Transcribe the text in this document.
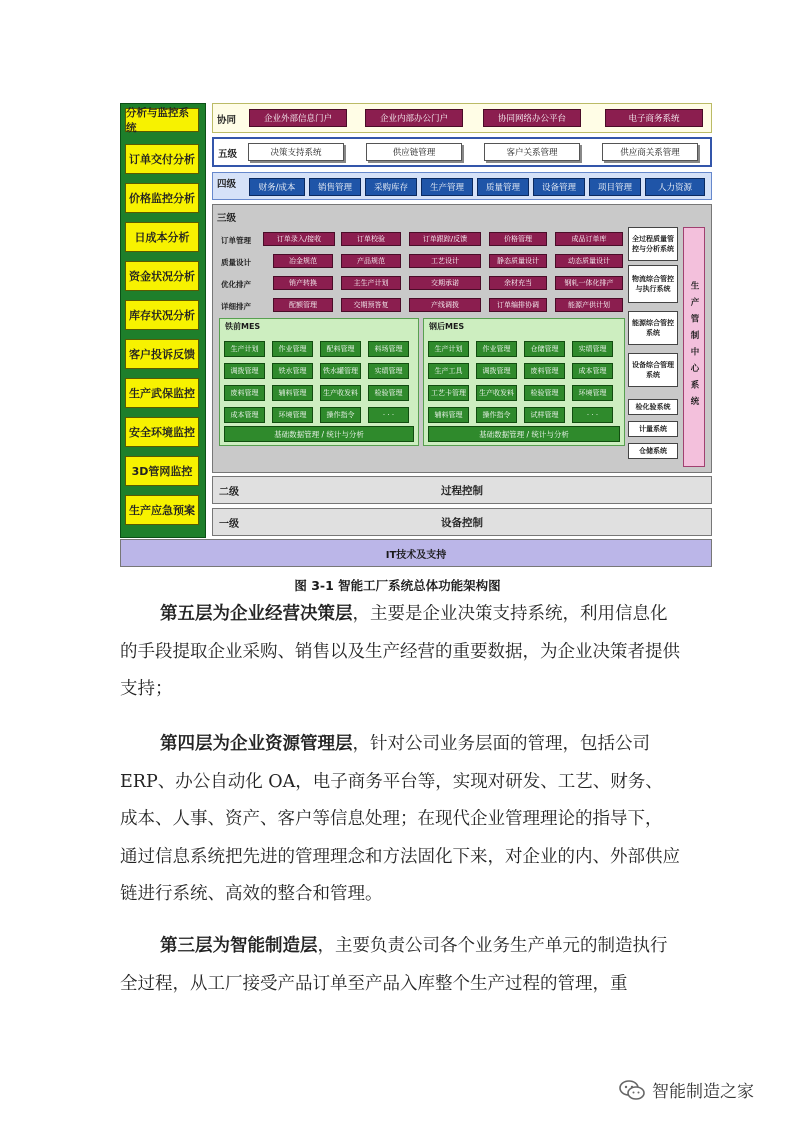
分析与监控系统
订单交付分析
价格监控分析
日成本分析
资金状况分析
库存状况分析
客户投诉反馈
生产武保监控
安全环境监控
3D管网监控
生产应急预案
协同	企业外部信息门户	企业内部办公门户	协同网络办公平台	电子商务系统
五级	决策支持系统	供应链管理	客户关系管理	供应商关系管理
四级	财务/成本	销售管理	采购库存	生产管理	质量管理	设备管理	项目管理	人力资源
三级
订单管理	订单录入/接收	订单校验	订单跟踪/反馈	价格管理	成品订单库
质量设计	冶金规范	产品规范	工艺设计	静态质量设计	动态质量设计
优化排产	销产转换	主生产计划	交期承诺	余材充当	钢轧一体化排产
详细排产	配额管理	交期预答复	产线调拨	订单编排协调	能源产供计划
铁前MES
生产计划	作业管理	配料管理	料场管理
调拨管理	铁水管理	铁水罐管理	实绩管理
废料管理	辅料管理	生产收发料	检验管理
成本管理	环境管理	操作指令	· · ·
基础数据管理 / 统计与分析
钢后MES
生产计划	作业管理	仓储管理	实绩管理
生产工具	调拨管理	废料管理	成本管理
工艺卡管理	生产收发料	检验管理	环境管理
辅料管理	操作指令	试样管理	· · ·
基础数据管理 / 统计与分析
全过程质量管控与分析系统
物流综合管控与执行系统
能源综合管控系统
设备综合管理系统
检化验系统
计量系统
仓储系统
生产管制中心系统
二级	过程控制
一级	设备控制
IT技术及支持
图 3-1 智能工厂系统总体功能架构图
第五层为企业经营决策层，主要是企业决策支持系统，利用信息化的手段提取企业采购、销售以及生产经营的重要数据，为企业决策者提供支持；
第四层为企业资源管理层，针对公司业务层面的管理，包括公司ERP、办公自动化 OA，电子商务平台等，实现对研发、工艺、财务、成本、人事、资产、客户等信息处理；在现代企业管理理论的指导下， 通过信息系统把先进的管理理念和方法固化下来，对企业的内、外部供应链进行系统、高效的整合和管理。
第三层为智能制造层，主要负责公司各个业务生产单元的制造执行全过程，从工厂接受产品订单至产品入库整个生产过程的管理，重
智能制造之家
